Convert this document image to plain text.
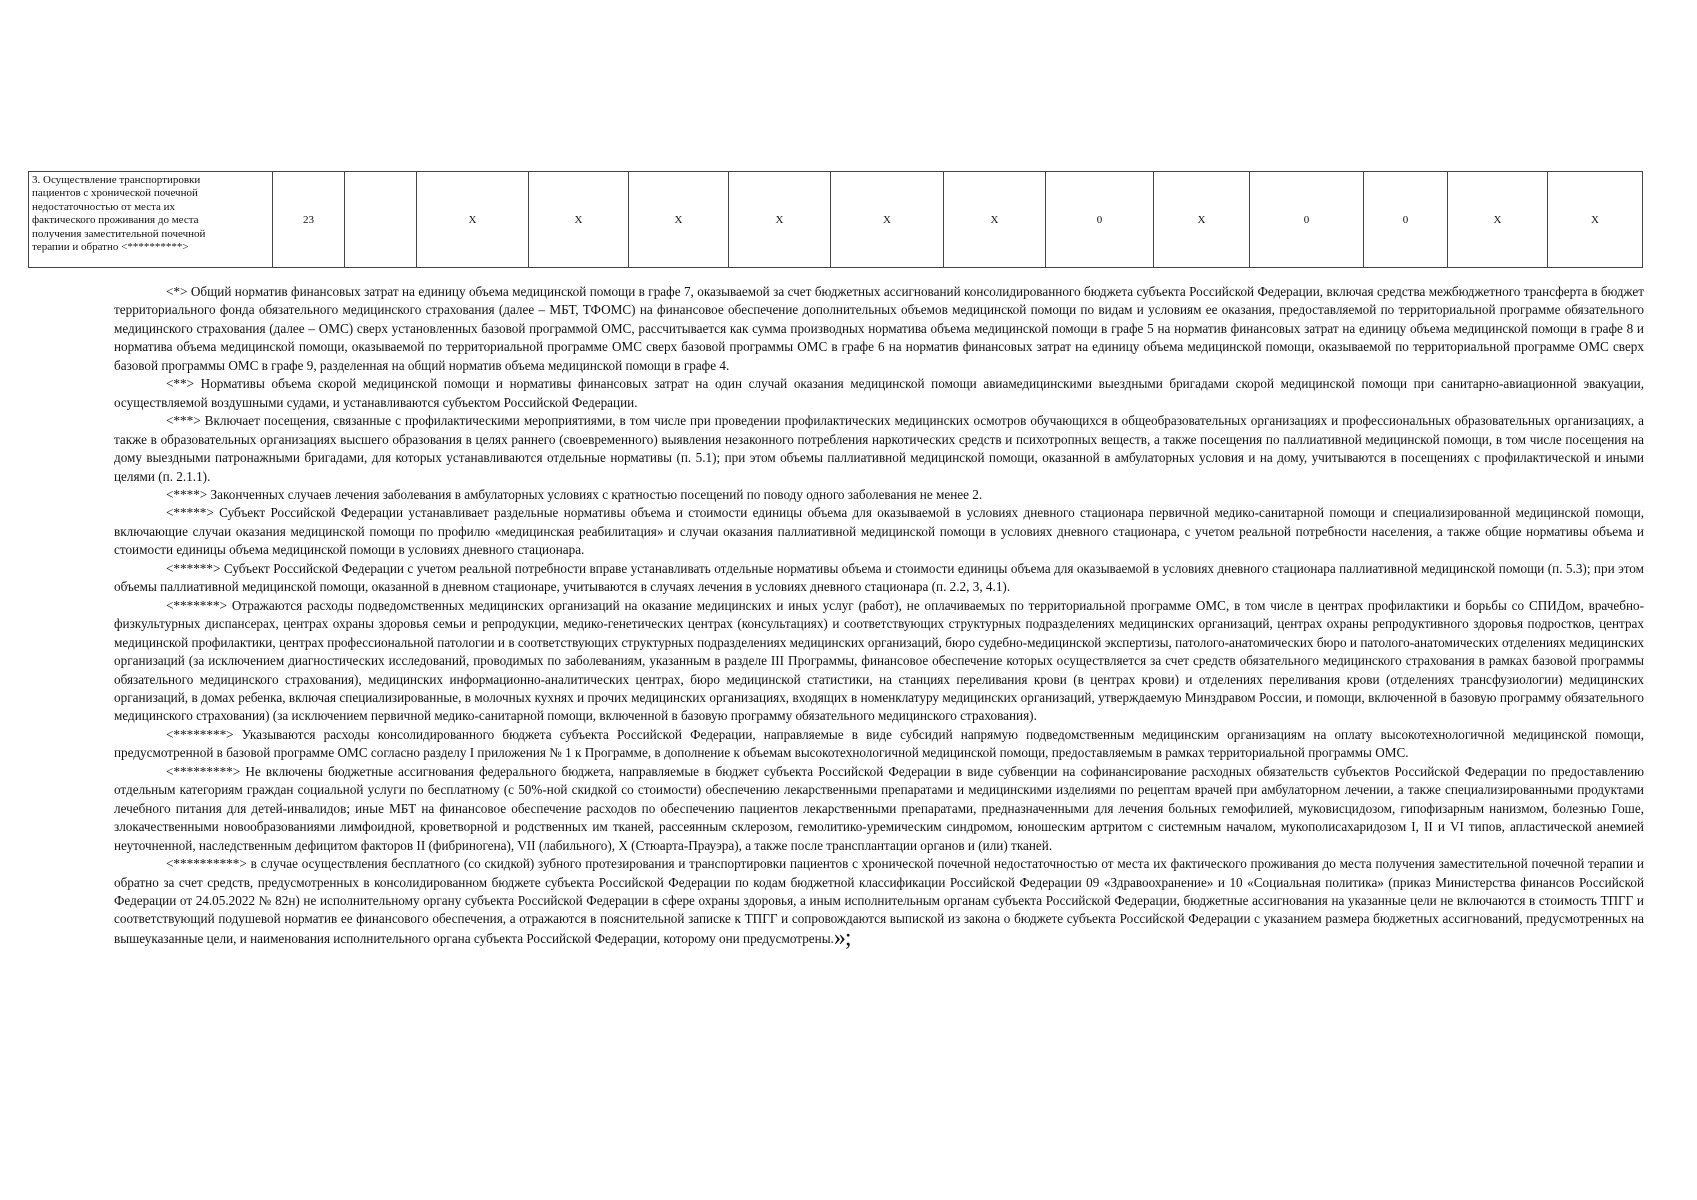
3. Осуществление транспортировки
пациентов с хронической почечной
недостаточностью от места их
фактического проживания до места
получения заместительной почечной
терапии и обратно <**********>	23		X	X	X	X	X	X	0	X	0	0	X	X

<*> Общий норматив финансовых затрат на единицу объема медицинской помощи в графе 7, оказываемой за счет бюджетных ассигнований консолидированного бюджета субъекта Российской Федерации, включая средства межбюджетного трансферта в бюджет территориального фонда обязательного медицинского страхования (далее – МБТ, ТФОМС) на финансовое обеспечение дополнительных объемов медицинской помощи по видам и условиям ее оказания, предоставляемой по территориальной программе обязательного медицинского страхования (далее – ОМС) сверх установленных базовой программой ОМС, рассчитывается как сумма производных норматива объема медицинской помощи в графе 5 на норматив финансовых затрат на единицу объема медицинской помощи в графе 8 и норматива объема медицинской помощи, оказываемой по территориальной программе ОМС сверх базовой программы ОМС в графе 6 на норматив финансовых затрат на единицу объема медицинской помощи, оказываемой по территориальной программе ОМС сверх базовой программы ОМС в графе 9, разделенная на общий норматив объема медицинской помощи в графе 4.

<**> Нормативы объема скорой медицинской помощи и нормативы финансовых затрат на один случай оказания медицинской помощи авиамедицинскими выездными бригадами скорой медицинской помощи при санитарно-авиационной эвакуации, осуществляемой воздушными судами, и устанавливаются субъектом Российской Федерации.

<***> Включает посещения, связанные с профилактическими мероприятиями, в том числе при проведении профилактических медицинских осмотров обучающихся в общеобразовательных организациях и профессиональных образовательных организациях, а также в образовательных организациях высшего образования в целях раннего (своевременного) выявления незаконного потребления наркотических средств и психотропных веществ, а также посещения по паллиативной медицинской помощи, в том числе посещения на дому выездными патронажными бригадами, для которых устанавливаются отдельные нормативы (п. 5.1); при этом объемы паллиативной медицинской помощи, оказанной в амбулаторных условия и на дому, учитываются в посещениях с профилактической и иными целями (п. 2.1.1).

<****> Законченных случаев лечения заболевания в амбулаторных условиях с кратностью посещений по поводу одного заболевания не менее 2.

<*****> Субъект Российской Федерации устанавливает раздельные нормативы объема и стоимости единицы объема для оказываемой в условиях дневного стационара первичной медико-санитарной помощи и специализированной медицинской помощи, включающие случаи оказания медицинской помощи по профилю «медицинская реабилитация» и случаи оказания паллиативной медицинской помощи в условиях дневного стационара, с учетом реальной потребности населения, а также общие нормативы объема и стоимости единицы объема медицинской помощи в условиях дневного стационара.

<******> Субъект Российской Федерации с учетом реальной потребности вправе устанавливать отдельные нормативы объема и стоимости единицы объема для оказываемой в условиях дневного стационара паллиативной медицинской помощи (п. 5.3); при этом объемы паллиативной медицинской помощи, оказанной в дневном стационаре, учитываются в случаях лечения в условиях дневного стационара (п. 2.2, 3, 4.1).

<*******> Отражаются расходы подведомственных медицинских организаций на оказание медицинских и иных услуг (работ), не оплачиваемых по территориальной программе ОМС, в том числе в центрах профилактики и борьбы со СПИДом, врачебно-физкультурных диспансерах, центрах охраны здоровья семьи и репродукции, медико-генетических центрах (консультациях) и соответствующих структурных подразделениях медицинских организаций, центрах охраны репродуктивного здоровья подростков, центрах медицинской профилактики, центрах профессиональной патологии и в соответствующих структурных подразделениях медицинских организаций, бюро судебно-медицинской экспертизы, патолого-анатомических бюро и патолого-анатомических отделениях медицинских организаций (за исключением диагностических исследований, проводимых по заболеваниям, указанным в разделе III Программы, финансовое обеспечение которых осуществляется за счет средств обязательного медицинского страхования в рамках базовой программы обязательного медицинского страхования), медицинских информационно-аналитических центрах, бюро медицинской статистики, на станциях переливания крови (в центрах крови) и отделениях переливания крови (отделениях трансфузиологии) медицинских организаций, в домах ребенка, включая специализированные, в молочных кухнях и прочих медицинских организациях, входящих в номенклатуру медицинских организаций, утверждаемую Минздравом России, и помощи, включенной в базовую программу обязательного медицинского страхования) (за исключением первичной медико-санитарной помощи, включенной в базовую программу обязательного медицинского страхования).

<********> Указываются расходы консолидированного бюджета субъекта Российской Федерации, направляемые в виде субсидий напрямую подведомственным медицинским организациям на оплату высокотехнологичной медицинской помощи, предусмотренной в базовой программе ОМС согласно разделу I приложения № 1 к Программе, в дополнение к объемам высокотехнологичной медицинской помощи, предоставляемым в рамках территориальной программы ОМС.

<*********> Не включены бюджетные ассигнования федерального бюджета, направляемые в бюджет субъекта Российской Федерации в виде субвенции на софинансирование расходных обязательств субъектов Российской Федерации по предоставлению отдельным категориям граждан социальной услуги по бесплатному (с 50%-ной скидкой со стоимости) обеспечению лекарственными препаратами и медицинскими изделиями по рецептам врачей при амбулаторном лечении, а также специализированными продуктами лечебного питания для детей-инвалидов; иные МБТ на финансовое обеспечение расходов по обеспечению пациентов лекарственными препаратами, предназначенными для лечения больных гемофилией, муковисцидозом, гипофизарным нанизмом, болезнью Гоше, злокачественными новообразованиями лимфоидной, кроветворной и родственных им тканей, рассеянным склерозом, гемолитико-уремическим синдромом, юношеским артритом с системным началом, мукополисахаридозом I, II и VI типов, апластической анемией неуточненной, наследственным дефицитом факторов II (фибриногена), VII (лабильного), X (Стюарта-Прауэра), а также после трансплантации органов и (или) тканей.

<**********> в случае осуществления бесплатного (со скидкой) зубного протезирования и транспортировки пациентов с хронической почечной недостаточностью от места их фактического проживания до места получения заместительной почечной терапии и обратно за счет средств, предусмотренных в консолидированном бюджете субъекта Российской Федерации по кодам бюджетной классификации Российской Федерации 09 «Здравоохранение» и 10 «Социальная политика» (приказ Министерства финансов Российской Федерации от 24.05.2022 № 82н) не исполнительному органу субъекта Российской Федерации в сфере охраны здоровья, а иным исполнительным органам субъекта Российской Федерации, бюджетные ассигнования на указанные цели не включаются в стоимость ТПГГ и соответствующий подушевой норматив ее финансового обеспечения, а отражаются в пояснительной записке к ТПГГ и сопровождаются выпиской из закона о бюджете субъекта Российской Федерации с указанием размера бюджетных ассигнований, предусмотренных на вышеуказанные цели, и наименования исполнительного органа субъекта Российской Федерации, которому они предусмотрены.»;
